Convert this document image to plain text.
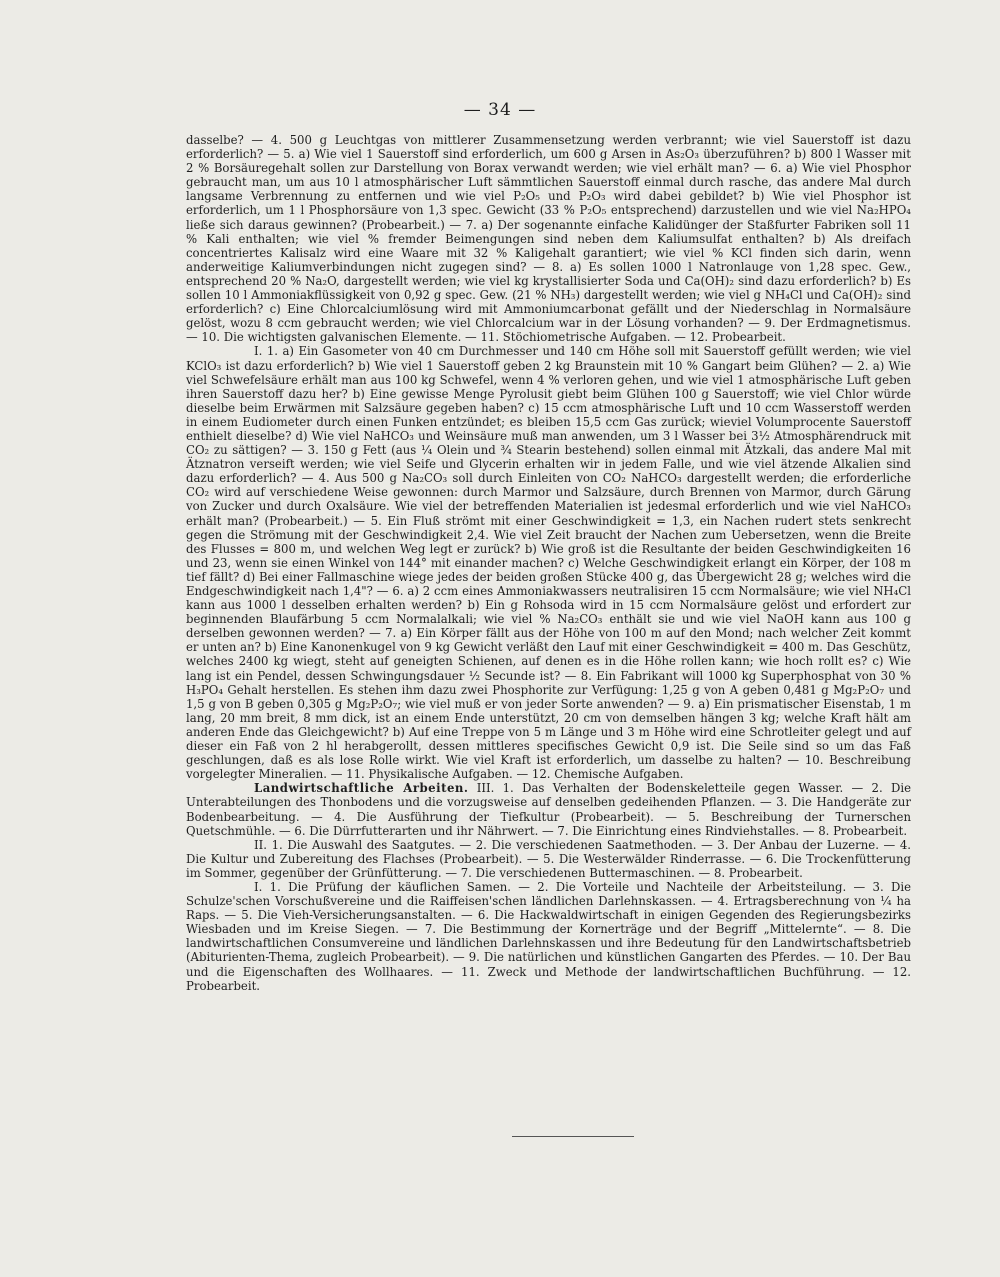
— 34 —

dasselbe? — 4. 500 g Leuchtgas von mittlerer Zusammensetzung werden verbrannt; wie viel Sauerstoff ist dazu erforderlich? — 5. a) Wie viel 1 Sauerstoff sind erforderlich, um 600 g Arsen in As₂O₃ überzuführen? b) 800 l Wasser mit 2 % Borsäuregehalt sollen zur Darstellung von Borax verwandt werden; wie viel erhält man? — 6. a) Wie viel Phosphor gebraucht man, um aus 10 l atmosphärischer Luft sämmtlichen Sauerstoff einmal durch rasche, das andere Mal durch langsame Verbrennung zu entfernen und wie viel P₂O₅ und P₂O₃ wird dabei gebildet? b) Wie viel Phosphor ist erforderlich, um 1 l Phosphorsäure von 1,3 spec. Gewicht (33 % P₂O₅ entsprechend) darzustellen und wie viel Na₂HPO₄ ließe sich daraus gewinnen? (Probearbeit.) — 7. a) Der sogenannte einfache Kalidünger der Staßfurter Fabriken soll 11 % Kali enthalten; wie viel % fremder Beimengungen sind neben dem Kaliumsulfat enthalten? b) Als dreifach concentriertes Kalisalz wird eine Waare mit 32 % Kaligehalt garantiert; wie viel % KCl finden sich darin, wenn anderweitige Kaliumverbindungen nicht zugegen sind? — 8. a) Es sollen 1000 l Natronlauge von 1,28 spec. Gew., entsprechend 20 % Na₂O, dargestellt werden; wie viel kg krystallisierter Soda und Ca(OH)₂ sind dazu erforderlich? b) Es sollen 10 l Ammoniakflüssigkeit von 0,92 g spec. Gew. (21 % NH₃) dargestellt werden; wie viel g NH₄Cl und Ca(OH)₂ sind erforderlich? c) Eine Chlorcalciumlösung wird mit Ammoniumcarbonat gefällt und der Niederschlag in Normalsäure gelöst, wozu 8 ccm gebraucht werden; wie viel Chlorcalcium war in der Lösung vorhanden? — 9. Der Erdmagnetismus. — 10. Die wichtigsten galvanischen Elemente. — 11. Stöchiometrische Aufgaben. — 12. Probearbeit.

I. 1. a) Ein Gasometer von 40 cm Durchmesser und 140 cm Höhe soll mit Sauerstoff gefüllt werden; wie viel KClO₃ ist dazu erforderlich? b) Wie viel 1 Sauerstoff geben 2 kg Braunstein mit 10 % Gangart beim Glühen? — 2. a) Wie viel Schwefelsäure erhält man aus 100 kg Schwefel, wenn 4 % verloren gehen, und wie viel 1 atmosphärische Luft geben ihren Sauerstoff dazu her? b) Eine gewisse Menge Pyrolusit giebt beim Glühen 100 g Sauerstoff; wie viel Chlor würde dieselbe beim Erwärmen mit Salzsäure gegeben haben? c) 15 ccm atmosphärische Luft und 10 ccm Wasserstoff werden in einem Eudiometer durch einen Funken entzündet; es bleiben 15,5 ccm Gas zurück; wieviel Volumprocente Sauerstoff enthielt dieselbe? d) Wie viel NaHCO₃ und Weinsäure muß man anwenden, um 3 l Wasser bei 3½ Atmosphärendruck mit CO₂ zu sättigen? — 3. 150 g Fett (aus ¼ Olein und ¾ Stearin bestehend) sollen einmal mit Ätzkali, das andere Mal mit Ätznatron verseift werden; wie viel Seife und Glycerin erhalten wir in jedem Falle, und wie viel ätzende Alkalien sind dazu erforderlich? — 4. Aus 500 g Na₂CO₃ soll durch Einleiten von CO₂ NaHCO₃ dargestellt werden; die erforderliche CO₂ wird auf verschiedene Weise gewonnen: durch Marmor und Salzsäure, durch Brennen von Marmor, durch Gärung von Zucker und durch Oxalsäure. Wie viel der betreffenden Materialien ist jedesmal erforderlich und wie viel NaHCO₃ erhält man? (Probearbeit.) — 5. Ein Fluß strömt mit einer Geschwindigkeit = 1,3, ein Nachen rudert stets senkrecht gegen die Strömung mit der Geschwindigkeit 2,4. Wie viel Zeit braucht der Nachen zum Uebersetzen, wenn die Breite des Flusses = 800 m, und welchen Weg legt er zurück? b) Wie groß ist die Resultante der beiden Geschwindigkeiten 16 und 23, wenn sie einen Winkel von 144° mit einander machen? c) Welche Geschwindigkeit erlangt ein Körper, der 108 m tief fällt? d) Bei einer Fallmaschine wiege jedes der beiden großen Stücke 400 g, das Übergewicht 28 g; welches wird die Endgeschwindigkeit nach 1,4"? — 6. a) 2 ccm eines Ammoniakwassers neutralisiren 15 ccm Normalsäure; wie viel NH₄Cl kann aus 1000 l desselben erhalten werden? b) Ein g Rohsoda wird in 15 ccm Normalsäure gelöst und erfordert zur beginnenden Blaufärbung 5 ccm Normalalkali; wie viel % Na₂CO₃ enthält sie und wie viel NaOH kann aus 100 g derselben gewonnen werden? — 7. a) Ein Körper fällt aus der Höhe von 100 m auf den Mond; nach welcher Zeit kommt er unten an? b) Eine Kanonenkugel von 9 kg Gewicht verläßt den Lauf mit einer Geschwindigkeit = 400 m. Das Geschütz, welches 2400 kg wiegt, steht auf geneigten Schienen, auf denen es in die Höhe rollen kann; wie hoch rollt es? c) Wie lang ist ein Pendel, dessen Schwingungsdauer ½ Secunde ist? — 8. Ein Fabrikant will 1000 kg Superphosphat von 30 % H₃PO₄ Gehalt herstellen. Es stehen ihm dazu zwei Phosphorite zur Verfügung: 1,25 g von A geben 0,481 g Mg₂P₂O₇ und 1,5 g von B geben 0,305 g Mg₂P₂O₇; wie viel muß er von jeder Sorte anwenden? — 9. a) Ein prismatischer Eisenstab, 1 m lang, 20 mm breit, 8 mm dick, ist an einem Ende unterstützt, 20 cm von demselben hängen 3 kg; welche Kraft hält am anderen Ende das Gleichgewicht? b) Auf eine Treppe von 5 m Länge und 3 m Höhe wird eine Schrotleiter gelegt und auf dieser ein Faß von 2 hl herabgerollt, dessen mittleres specifisches Gewicht 0,9 ist. Die Seile sind so um das Faß geschlungen, daß es als lose Rolle wirkt. Wie viel Kraft ist erforderlich, um dasselbe zu halten? — 10. Beschreibung vorgelegter Mineralien. — 11. Physikalische Aufgaben. — 12. Chemische Aufgaben.

Landwirtschaftliche Arbeiten. III. 1. Das Verhalten der Bodenskeletteile gegen Wasser. — 2. Die Unterabteilungen des Thonbodens und die vorzugsweise auf denselben gedeihenden Pflanzen. — 3. Die Handgeräte zur Bodenbearbeitung. — 4. Die Ausführung der Tiefkultur (Probearbeit). — 5. Beschreibung der Turnerschen Quetschmühle. — 6. Die Dürrfutterarten und ihr Nährwert. — 7. Die Einrichtung eines Rindviehstalles. — 8. Probearbeit.

II. 1. Die Auswahl des Saatgutes. — 2. Die verschiedenen Saatmethoden. — 3. Der Anbau der Luzerne. — 4. Die Kultur und Zubereitung des Flachses (Probearbeit). — 5. Die Westerwälder Rinderrasse. — 6. Die Trockenfütterung im Sommer, gegenüber der Grünfütterung. — 7. Die verschiedenen Buttermaschinen. — 8. Probearbeit.

I. 1. Die Prüfung der käuflichen Samen. — 2. Die Vorteile und Nachteile der Arbeitsteilung. — 3. Die Schulze'schen Vorschußvereine und die Raiffeisen'schen ländlichen Darlehnskassen. — 4. Ertragsberechnung von ¼ ha Raps. — 5. Die Vieh-Versicherungsanstalten. — 6. Die Hackwaldwirtschaft in einigen Gegenden des Regierungsbezirks Wiesbaden und im Kreise Siegen. — 7. Die Bestimmung der Kornerträge und der Begriff „Mittelernte“. — 8. Die landwirtschaftlichen Consumvereine und ländlichen Darlehnskassen und ihre Bedeutung für den Landwirtschaftsbetrieb (Abiturienten-Thema, zugleich Probearbeit). — 9. Die natürlichen und künstlichen Gangarten des Pferdes. — 10. Der Bau und die Eigenschaften des Wollhaares. — 11. Zweck und Methode der landwirtschaftlichen Buchführung. — 12. Probearbeit.
